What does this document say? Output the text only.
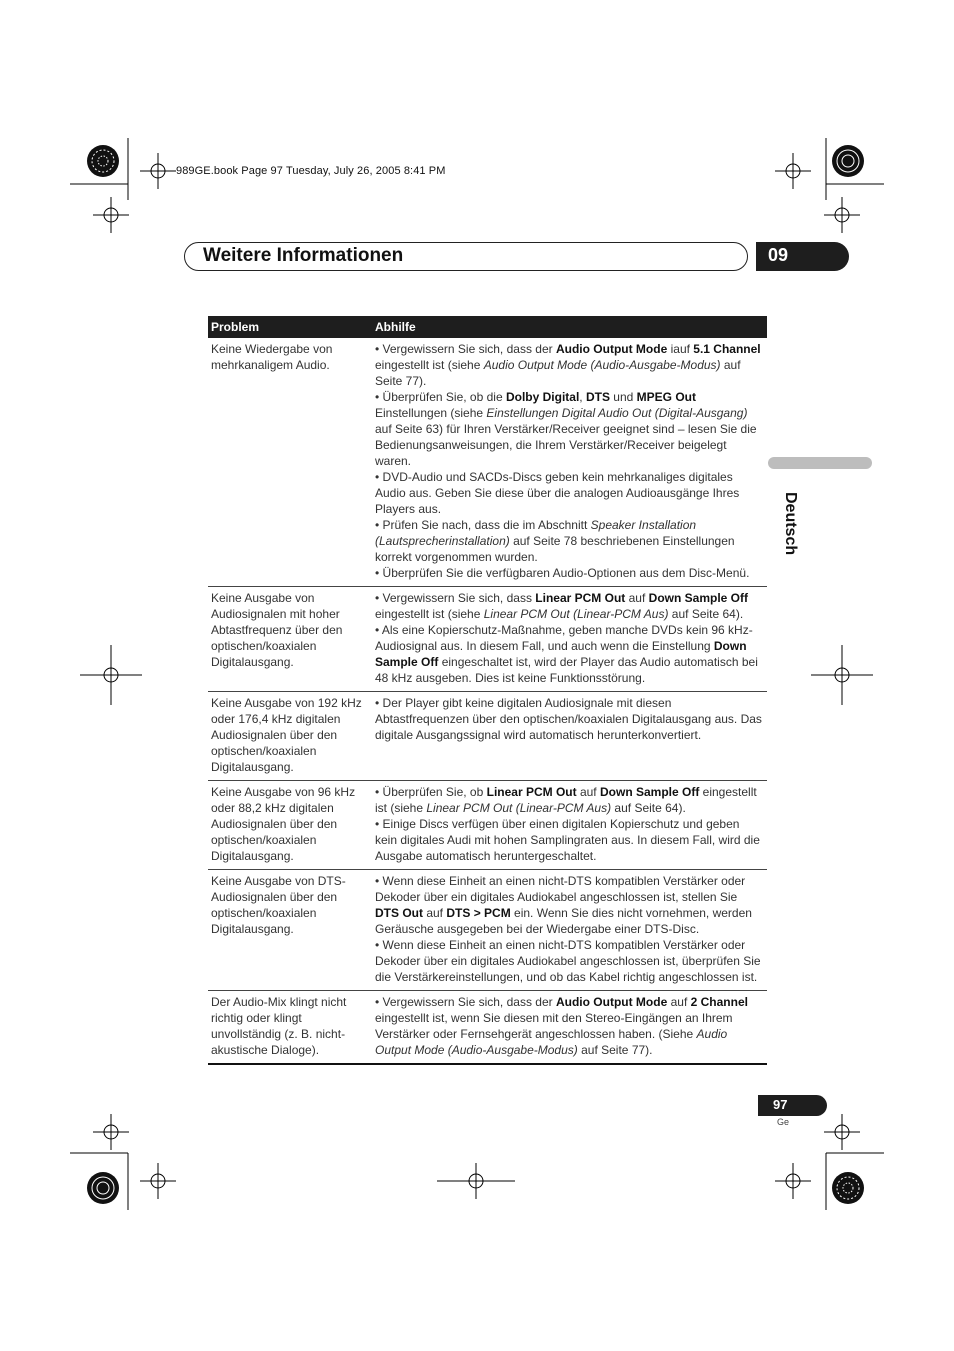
989GE.book Page 97 Tuesday, July 26, 2005 8:41 PM
Weitere Informationen	09
Deutsch
Problem	Abhilfe
Keine Wiedergabe von mehrkanaligem Audio.	• Vergewissern Sie sich, dass der Audio Output Mode iauf 5.1 Channel eingestellt ist (siehe Audio Output Mode (Audio-Ausgabe-Modus) auf Seite 77).
• Überprüfen Sie, ob die Dolby Digital, DTS und MPEG Out Einstellungen (siehe Einstellungen Digital Audio Out (Digital-Ausgang) auf Seite 63) für Ihren Verstärker/Receiver geeignet sind – lesen Sie die Bedienungsanweisungen, die Ihrem Verstärker/Receiver beigelegt waren.
• DVD-Audio und SACDs-Discs geben kein mehrkanaliges digitales Audio aus. Geben Sie diese über die analogen Audioausgänge Ihres Players aus.
• Prüfen Sie nach, dass die im Abschnitt Speaker Installation (Lautsprecherinstallation) auf Seite 78 beschriebenen Einstellungen korrekt vorgenommen wurden.
• Überprüfen Sie die verfügbaren Audio-Optionen aus dem Disc-Menü.

Keine Ausgabe von Audiosignalen mit hoher Abtastfrequenz über den optischen/koaxialen Digitalausgang.	• Vergewissern Sie sich, dass Linear PCM Out auf Down Sample Off eingestellt ist (siehe Linear PCM Out (Linear-PCM Aus) auf Seite 64).
• Als eine Kopierschutz-Maßnahme, geben manche DVDs kein 96 kHz-Audiosignal aus. In diesem Fall, und auch wenn die Einstellung Down Sample Off eingeschaltet ist, wird der Player das Audio automatisch bei 48 kHz ausgeben. Dies ist keine Funktionsstörung.

Keine Ausgabe von 192 kHz oder 176,4 kHz digitalen Audiosignalen über den optischen/koaxialen Digitalausgang.	• Der Player gibt keine digitalen Audiosignale mit diesen Abtastfrequenzen über den optischen/koaxialen Digitalausgang aus. Das digitale Ausgangssignal wird automatisch herunterkonvertiert.

Keine Ausgabe von 96 kHz oder 88,2 kHz digitalen Audiosignalen über den optischen/koaxialen Digitalausgang.	• Überprüfen Sie, ob Linear PCM Out auf Down Sample Off eingestellt ist (siehe Linear PCM Out (Linear-PCM Aus) auf Seite 64).
• Einige Discs verfügen über einen digitalen Kopierschutz und geben kein digitales Audi mit hohen Samplingraten aus. In diesem Fall, wird die Ausgabe automatisch heruntergeschaltet.

Keine Ausgabe von DTS-Audiosignalen über den optischen/koaxialen Digitalausgang.	• Wenn diese Einheit an einen nicht-DTS kompatiblen Verstärker oder Dekoder über ein digitales Audiokabel angeschlossen ist, stellen Sie DTS Out auf DTS > PCM ein. Wenn Sie dies nicht vornehmen, werden Geräusche ausgegeben bei der Wiedergabe einer DTS-Disc.
• Wenn diese Einheit an einen nicht-DTS kompatiblen Verstärker oder Dekoder über ein digitales Audiokabel angeschlossen ist, überprüfen Sie die Verstärkereinstellungen, und ob das Kabel richtig angeschlossen ist.

Der Audio-Mix klingt nicht richtig oder klingt unvollständig (z. B. nicht-akustische Dialoge).	• Vergewissern Sie sich, dass der Audio Output Mode auf 2 Channel eingestellt ist, wenn Sie diesen mit den Stereo-Eingängen an Ihrem Verstärker oder Fernsehgerät angeschlossen haben. (Siehe Audio Output Mode (Audio-Ausgabe-Modus) auf Seite 77).
97
Ge
